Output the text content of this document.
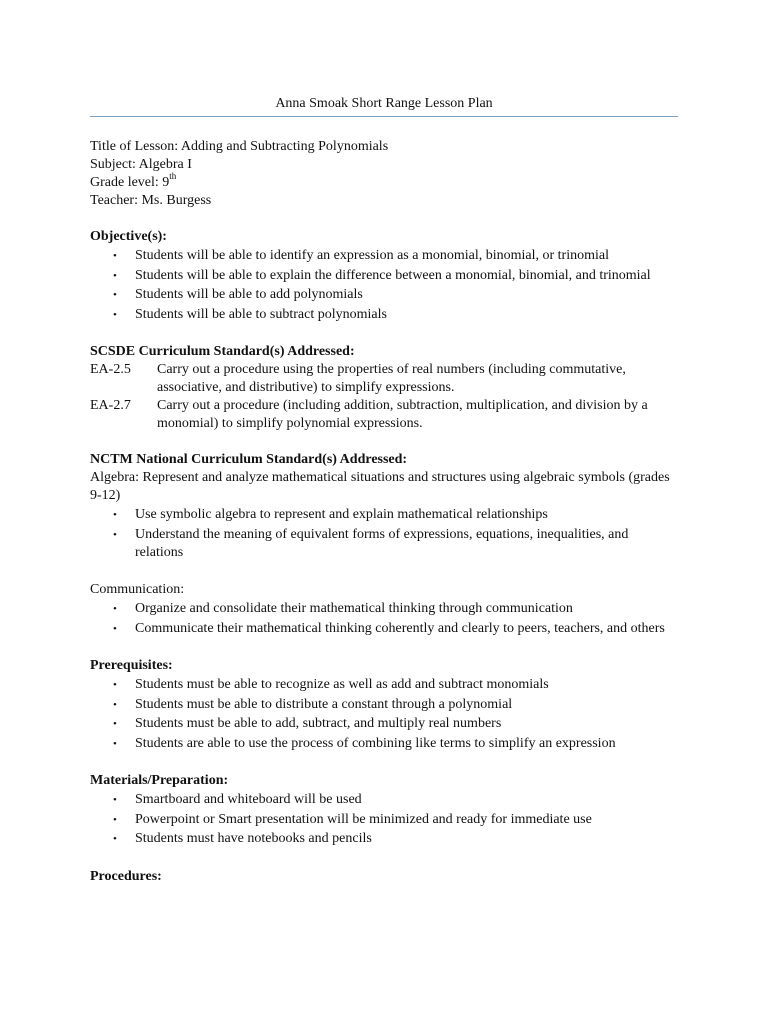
Anna Smoak Short Range Lesson Plan

Title of Lesson: Adding and Subtracting Polynomials

Subject: Algebra I

Grade level: 9th

Teacher: Ms. Burgess

Objective(s):

• Students will be able to identify an expression as a monomial, binomial, or trinomial
• Students will be able to explain the difference between a monomial, binomial, and trinomial
• Students will be able to add polynomials
• Students will be able to subtract polynomials

SCSDE Curriculum Standard(s) Addressed:

EA-2.5	Carry out a procedure using the properties of real numbers (including commutative, associative, and distributive) to simplify expressions.
EA-2.7	Carry out a procedure (including addition, subtraction, multiplication, and division by a monomial) to simplify polynomial expressions.

NCTM National Curriculum Standard(s) Addressed:

Algebra: Represent and analyze mathematical situations and structures using algebraic symbols (grades 9-12)

• Use symbolic algebra to represent and explain mathematical relationships
• Understand the meaning of equivalent forms of expressions, equations, inequalities, and relations

Communication:

• Organize and consolidate their mathematical thinking through communication
• Communicate their mathematical thinking coherently and clearly to peers, teachers, and others

Prerequisites:

• Students must be able to recognize as well as add and subtract monomials
• Students must be able to distribute a constant through a polynomial
• Students must be able to add, subtract, and multiply real numbers
• Students are able to use the process of combining like terms to simplify an expression

Materials/Preparation:

• Smartboard and whiteboard will be used
• Powerpoint or Smart presentation will be minimized and ready for immediate use
• Students must have notebooks and pencils

Procedures:
